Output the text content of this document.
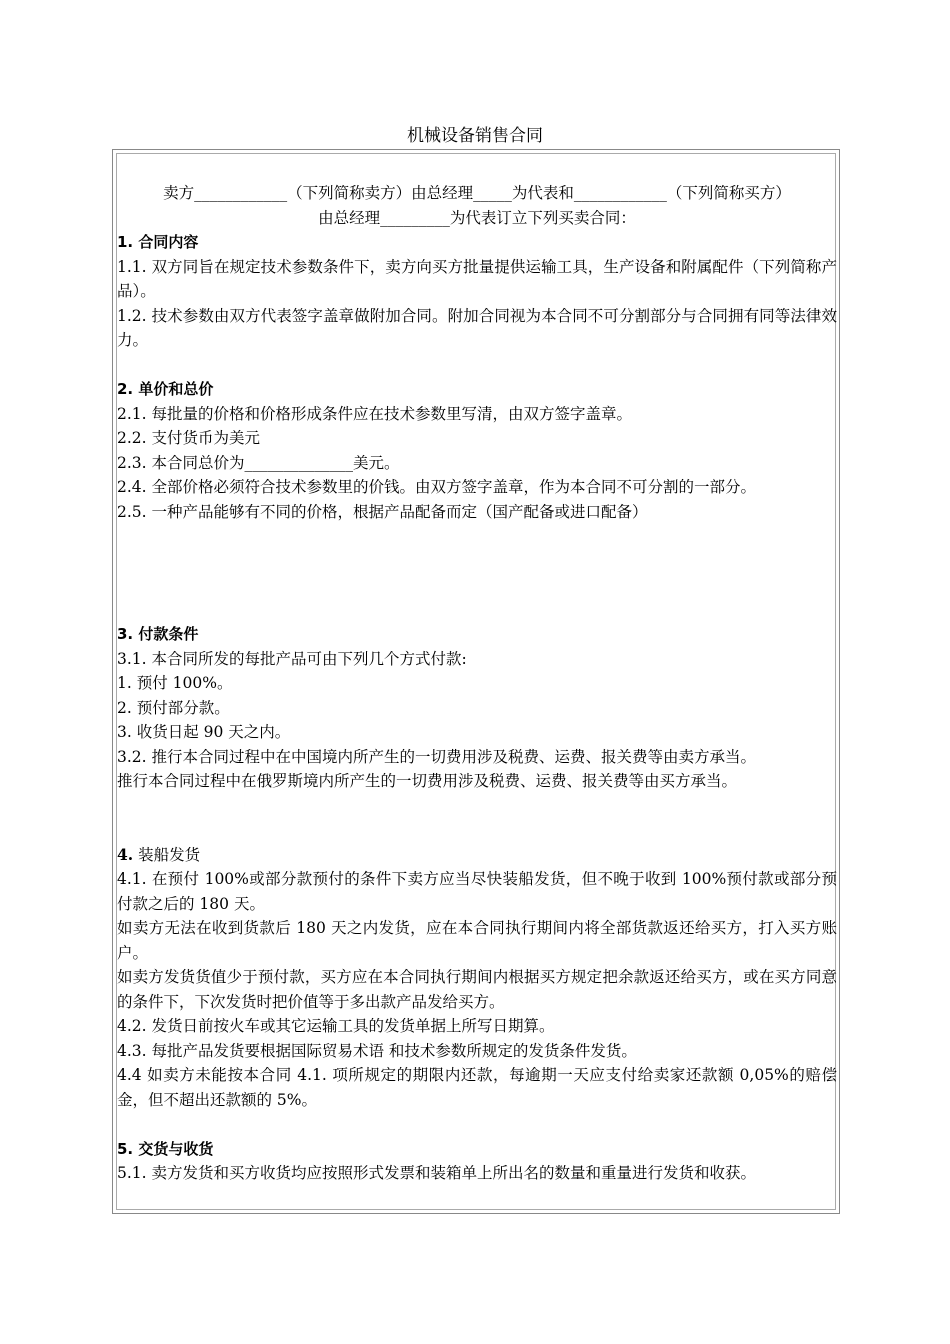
机械设备销售合同

卖方____________（下列简称卖方）由总经理_____为代表和____________（下列简称买方）

由总经理_________为代表订立下列买卖合同：

1. 合同内容

1.1. 双方同旨在规定技术参数条件下，卖方向买方批量提供运输工具，生产设备和附属配件（下列简称产品）。

1.2. 技术参数由双方代表签字盖章做附加合同。附加合同视为本合同不可分割部分与合同拥有同等法律效力。

2. 单价和总价

2.1. 每批量的价格和价格形成条件应在技术参数里写清，由双方签字盖章。

2.2. 支付货币为美元

2.3. 本合同总价为______________美元。

2.4. 全部价格必须符合技术参数里的价钱。由双方签字盖章，作为本合同不可分割的一部分。

2.5. 一种产品能够有不同的价格，根据产品配备而定（国产配备或进口配备）

3. 付款条件

3.1. 本合同所发的每批产品可由下列几个方式付款:

1. 预付 100%。

2. 预付部分款。

3. 收货日起 90 天之内。

3.2. 推行本合同过程中在中国境内所产生的一切费用涉及税费、运费、报关费等由卖方承当。

推行本合同过程中在俄罗斯境内所产生的一切费用涉及税费、运费、报关费等由买方承当。

4. 装船发货

4.1. 在预付 100%或部分款预付的条件下卖方应当尽快装船发货，但不晚于收到 100%预付款或部分预付款之后的 180 天。

如卖方无法在收到货款后 180 天之内发货，应在本合同执行期间内将全部货款返还给买方，打入买方账户。

如卖方发货货值少于预付款，买方应在本合同执行期间内根据买方规定把余款返还给买方，或在买方同意的条件下，下次发货时把价值等于多出款产品发给买方。

4.2. 发货日前按火车或其它运输工具的发货单据上所写日期算。

4.3. 每批产品发货要根据国际贸易术语 和技术参数所规定的发货条件发货。

4.4 如卖方未能按本合同 4.1. 项所规定的期限内还款，每逾期一天应支付给卖家还款额 0,05%的赔偿金，但不超出还款额的 5%。

5. 交货与收货

5.1. 卖方发货和买方收货均应按照形式发票和装箱单上所出名的数量和重量进行发货和收获。
